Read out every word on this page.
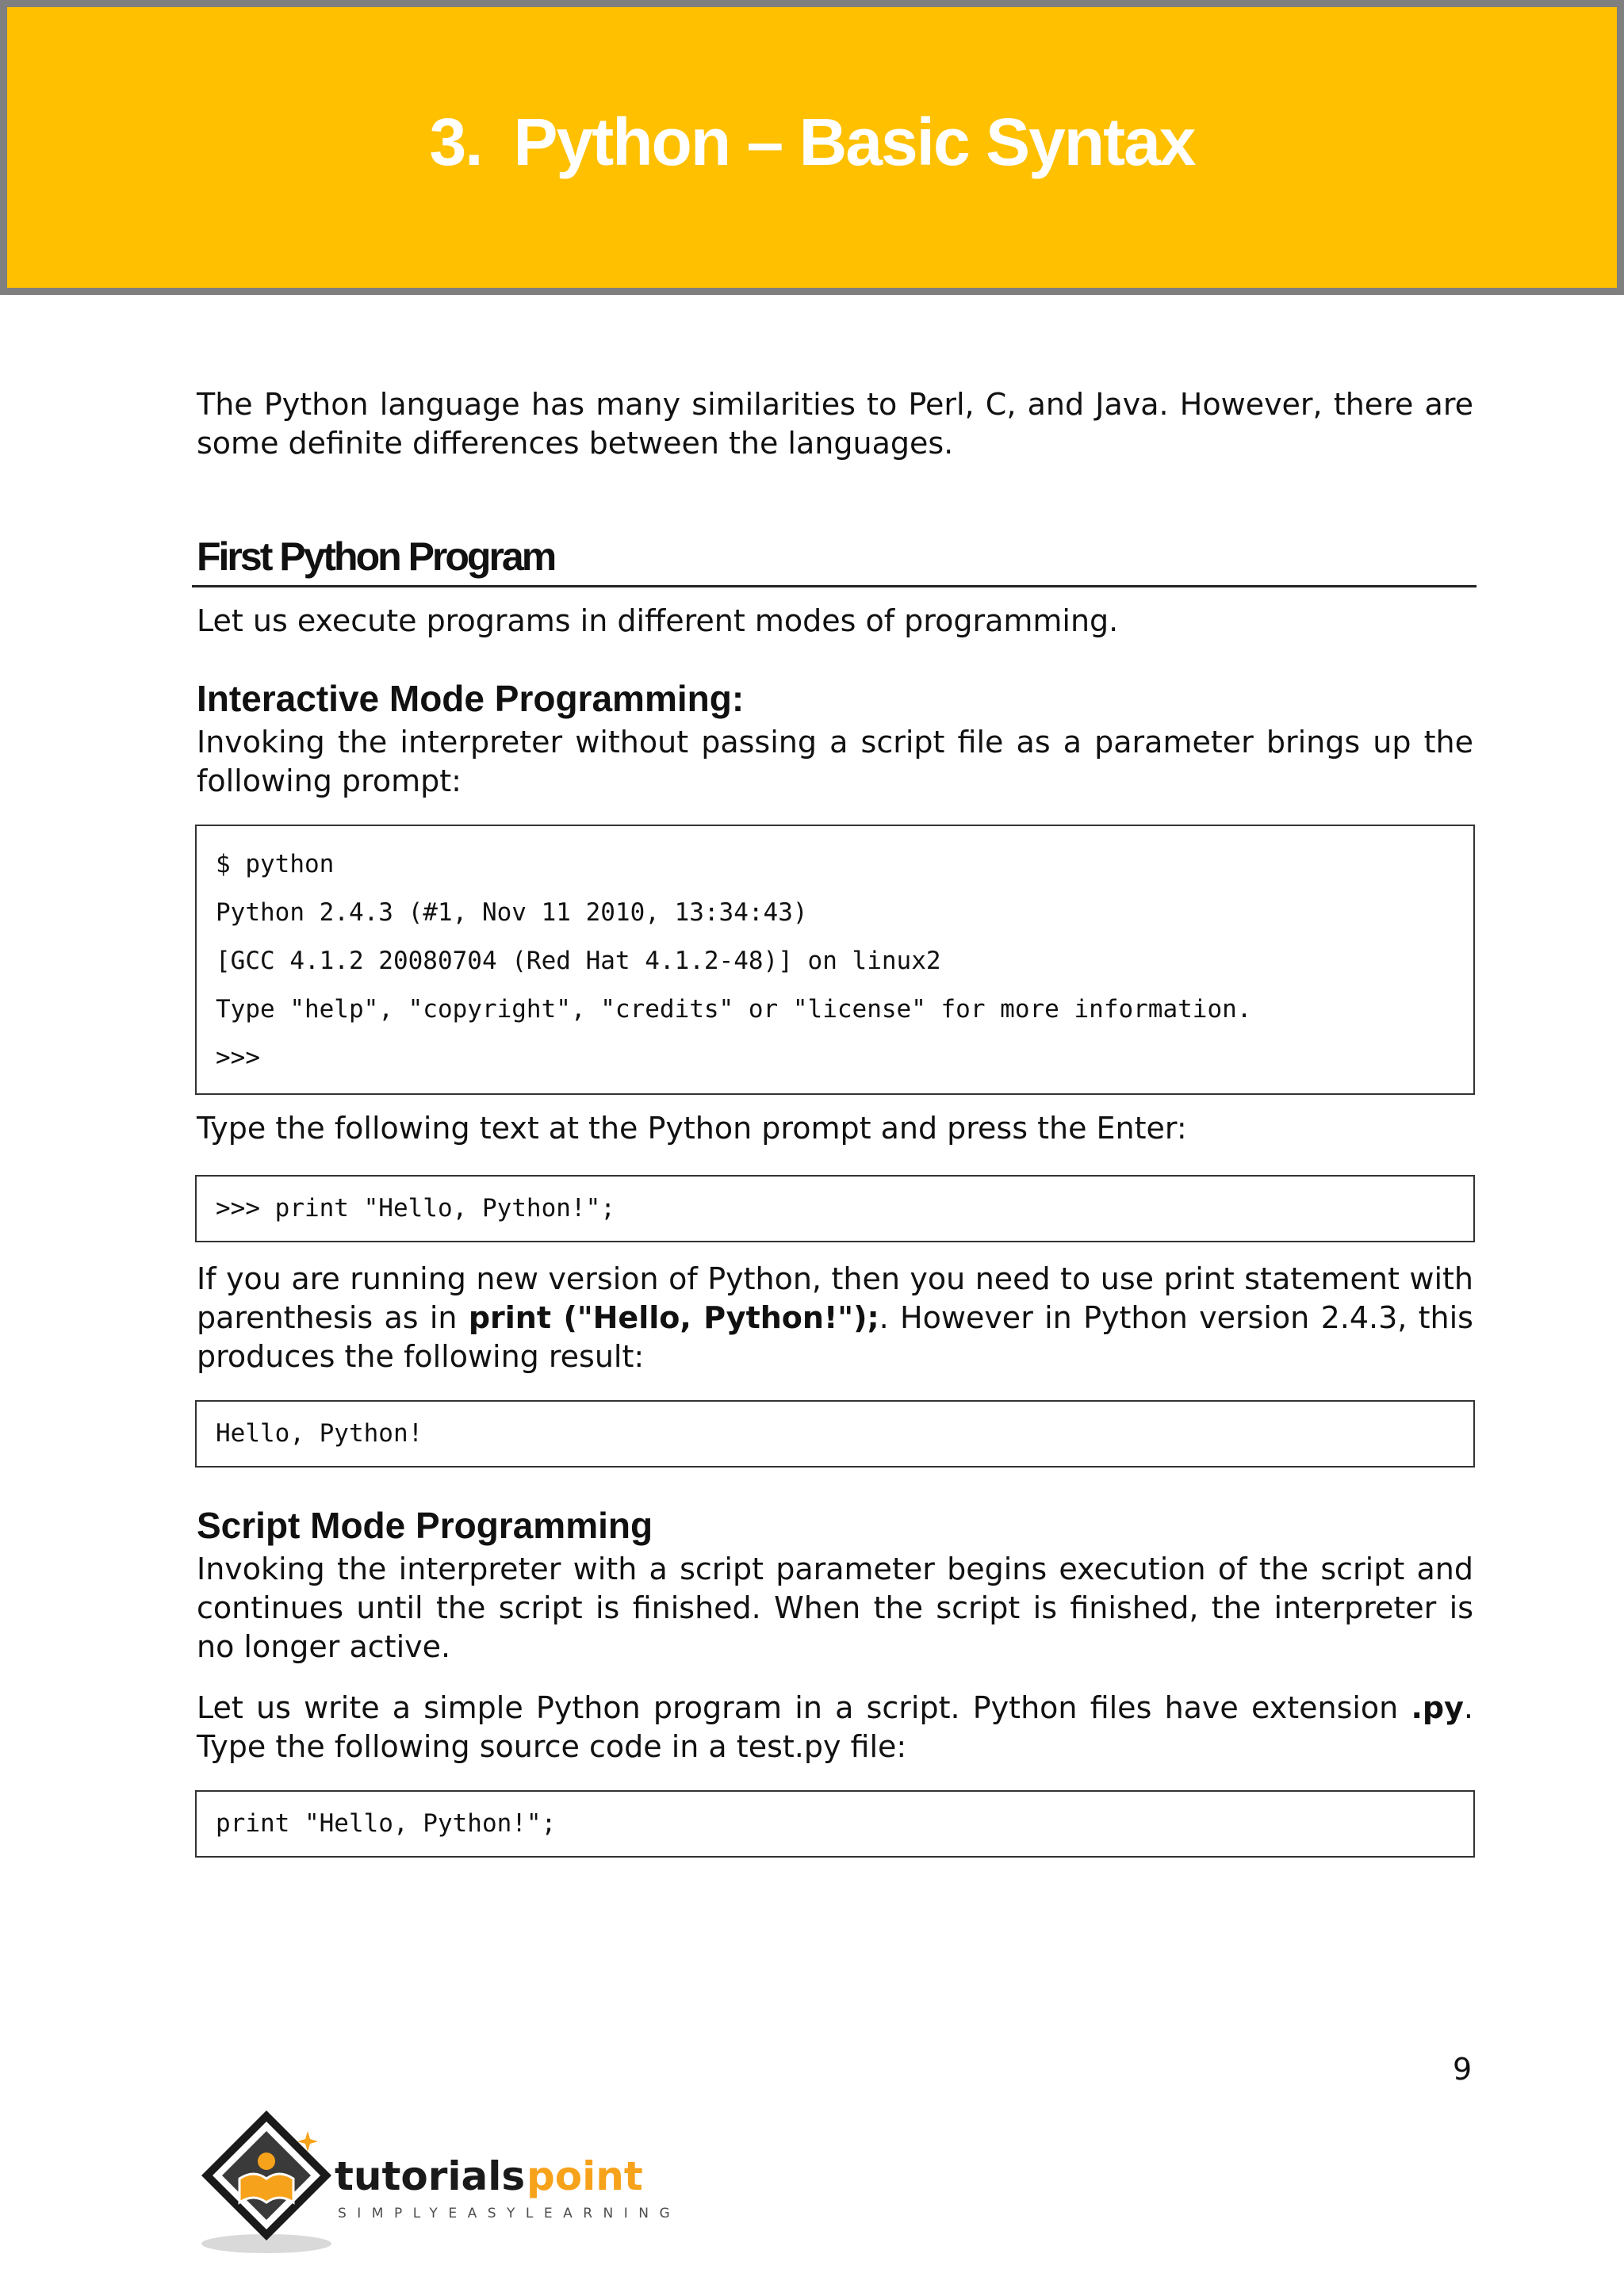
3. Python – Basic Syntax

The Python language has many similarities to Perl, C, and Java. However, there are some definite differences between the languages.

First Python Program

Let us execute programs in different modes of programming.

Interactive Mode Programming:

Invoking the interpreter without passing a script file as a parameter brings up the following prompt:

$ python
Python 2.4.3 (#1, Nov 11 2010, 13:34:43)
[GCC 4.1.2 20080704 (Red Hat 4.1.2-48)] on linux2
Type "help", "copyright", "credits" or "license" for more information.
>>>

Type the following text at the Python prompt and press the Enter:

>>> print "Hello, Python!";

If you are running new version of Python, then you need to use print statement with parenthesis as in print ("Hello, Python!");. However in Python version 2.4.3, this produces the following result:

Hello, Python!
Script Mode Programming

Invoking the interpreter with a script parameter begins execution of the script and continues until the script is finished. When the script is finished, the interpreter is no longer active.

Let us write a simple Python program in a script. Python files have extension .py. Type the following source code in a test.py file:

print "Hello, Python!";
9
tutorials point
SIMPLYEASYLEARNING
